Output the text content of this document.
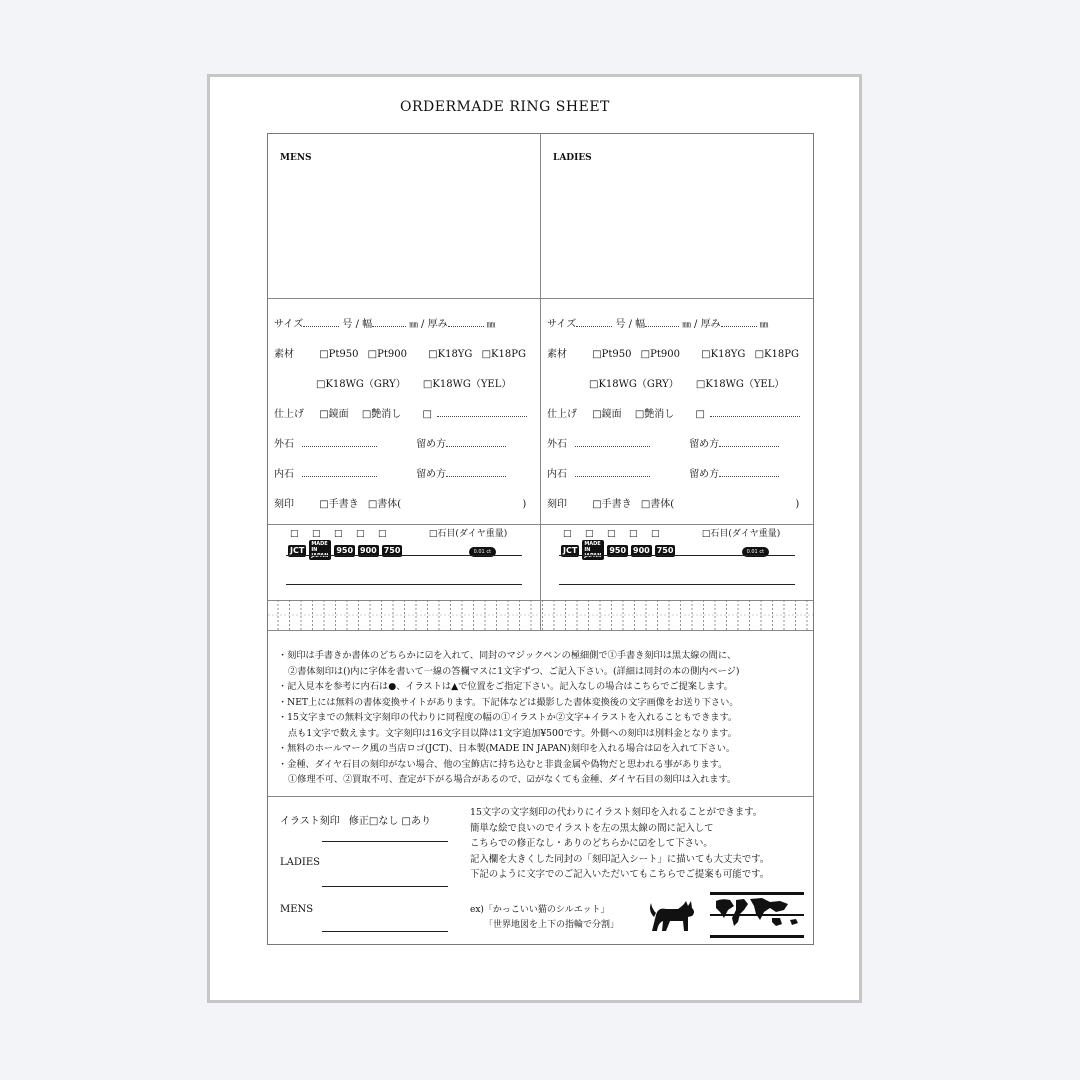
ORDERMADE RING SHEET
MENS
サイズ	号 / 幅	㎜ / 厚み	㎜
素材	□Pt950 □Pt900 □K18YG □K18PG
□K18WG（GRY） □K18WG（YEL）
仕上げ □鏡面 □艶消し □
外石	留め方
内石	留め方
刻印	□手書き □書体(	)
□ □ □ □ □	□石目(ダイヤ重量)
JCTMADE IN JAPAN950 900 750	0.01 ct
LADIES
サイズ	号 / 幅	㎜ / 厚み	㎜
素材	□Pt950 □Pt900 □K18YG □K18PG
□K18WG（GRY） □K18WG（YEL）
仕上げ □鏡面 □艶消し □
外石	留め方
内石	留め方
刻印	□手書き □書体(	)
□ □ □ □ □	□石目(ダイヤ重量)
JCTMADE IN JAPAN950 900 750	0.01 ct
・刻印は手書きか書体のどちらかに☑を入れて、同封のマジックペンの極細側で①手書き刻印は黒太線の間に、
②書体刻印は()内に字体を書いて一線の答欄マスに1文字ずつ、ご記入下さい。(詳細は同封の本の側内ページ)
・記入見本を参考に内石は●、イラストは▲で位置をご指定下さい。記入なしの場合はこちらでご提案します。
・NET上には無料の書体変換サイトがあります。下記体などは撮影した書体変換後の文字画像をお送り下さい。
・15文字までの無料文字刻印の代わりに同程度の幅の①イラストか②文字+イラストを入れることもできます。
点も1文字で数えます。文字刻印は16文字目以降は1文字追加¥500です。外側への刻印は別料金となります。
・無料のホールマーク風の当店ロゴ(JCT)、日本製(MADE IN JAPAN)刻印を入れる場合は☑を入れて下さい。
・金種、ダイヤ石目の刻印がない場合、他の宝飾店に持ち込むと非貴金属や偽物だと思われる事があります。
①修理不可、②買取不可、査定が下がる場合があるので、☑がなくても金種、ダイヤ石目の刻印は入れます。
イラスト刻印 修正□なし □あり
LADIES
MENS
15文字の文字刻印の代わりにイラスト刻印を入れることができます。
簡単な絵で良いのでイラストを左の黒太線の間に記入して
こちらでの修正なし・ありのどちらかに☑をして下さい。
記入欄を大きくした同封の「刻印記入シート」に描いても大丈夫です。
下記のように文字でのご記入いただいてもこちらでご提案も可能です。
ex)「かっこいい猫のシルエット」
「世界地図を上下の指輪で分割」
